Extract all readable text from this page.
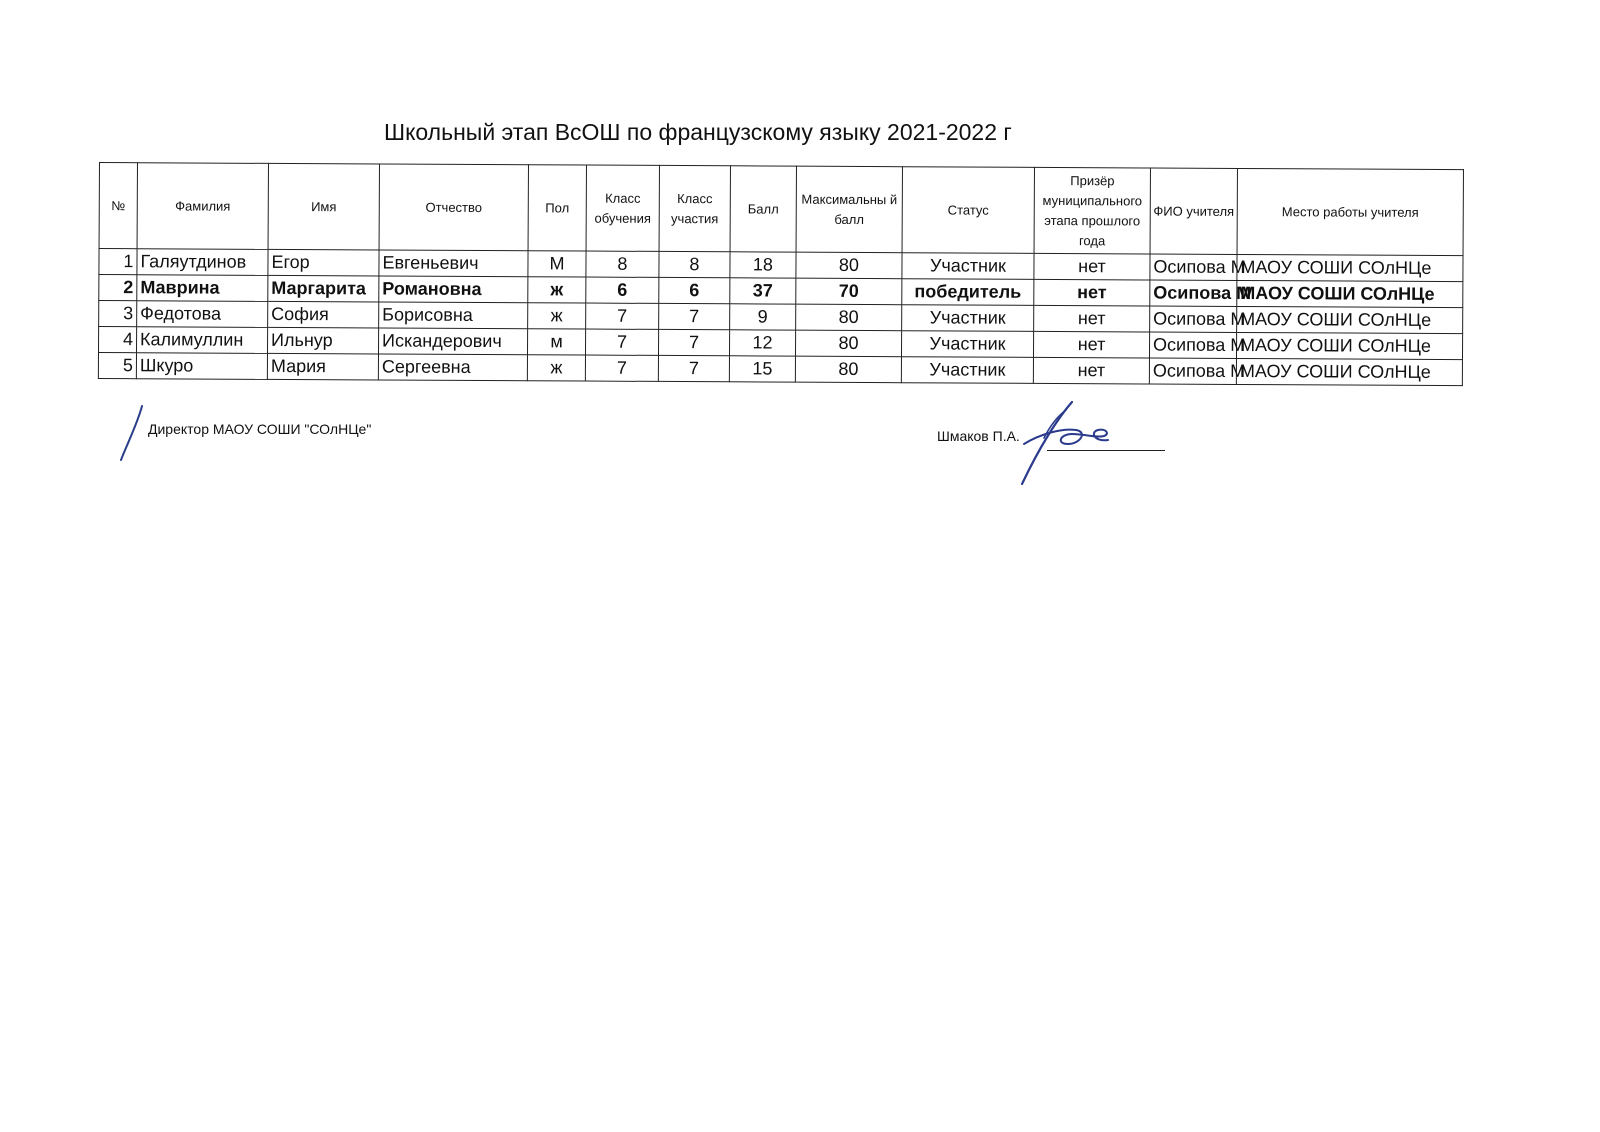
Школьный этап ВсОШ по французскому языку 2021-2022 г
№	Фамилия	Имя	Отчество	Пол	Класс обучения	Класс участия	Балл	Максимальны й балл	Статус	Призёр муниципального этапа прошлого года	ФИО учителя	Место работы учителя
1	Галяутдинов	Егор	Евгеньевич	М	8	8	18	80	Участник	нет	Осипова М	МАОУ СОШИ СОлНЦе
2	Маврина	Маргарита	Романовна	ж	6	6	37	70	победитель	нет	Осипова М	МАОУ СОШИ СОлНЦе
3	Федотова	София	Борисовна	ж	7	7	9	80	Участник	нет	Осипова М	МАОУ СОШИ СОлНЦе
4	Калимуллин	Ильнур	Искандерович	м	7	7	12	80	Участник	нет	Осипова М	МАОУ СОШИ СОлНЦе
5	Шкуро	Мария	Сергеевна	ж	7	7	15	80	Участник	нет	Осипова М	МАОУ СОШИ СОлНЦе
Директор МАОУ СОШИ "СОлНЦе"	Шмаков П.А.
